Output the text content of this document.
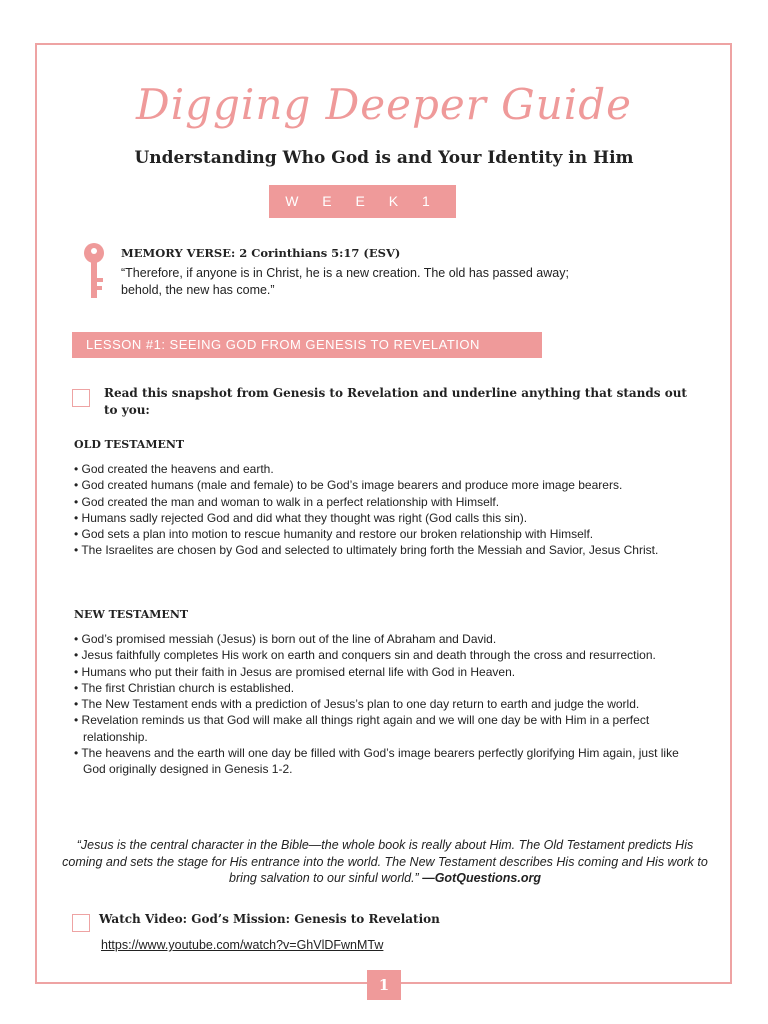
1
Digging Deeper Guide
Understanding Who God is and Your Identity in Him
W E E K 1
MEMORY VERSE: 2 Corinthians 5:17 (ESV)
“Therefore, if anyone is in Christ, he is a new creation. The old has passed away; behold, the new has come.”
LESSON #1: SEEING GOD FROM GENESIS TO REVELATION
Read this snapshot from Genesis to Revelation and underline anything that stands out to you:
OLD TESTAMENT
• God created the heavens and earth.
• God created humans (male and female) to be God’s image bearers and produce more image bearers.
• God created the man and woman to walk in a perfect relationship with Himself.
• Humans sadly rejected God and did what they thought was right (God calls this sin).
• God sets a plan into motion to rescue humanity and restore our broken relationship with Himself.
• The Israelites are chosen by God and selected to ultimately bring forth the Messiah and Savior, Jesus Christ.
NEW TESTAMENT
• God’s promised messiah (Jesus) is born out of the line of Abraham and David.
• Jesus faithfully completes His work on earth and conquers sin and death through the cross and resurrection.
• Humans who put their faith in Jesus are promised eternal life with God in Heaven.
• The first Christian church is established.
• The New Testament ends with a prediction of Jesus’s plan to one day return to earth and judge the world.
• Revelation reminds us that God will make all things right again and we will one day be with Him in a perfect relationship.
• The heavens and the earth will one day be filled with God’s image bearers perfectly glorifying Him again, just like God originally designed in Genesis 1-2.
“Jesus is the central character in the Bible—the whole book is really about Him. The Old Testament predicts His coming and sets the stage for His entrance into the world. The New Testament describes His coming and His work to bring salvation to our sinful world.” —GotQuestions.org
Watch Video: God’s Mission: Genesis to Revelation
https://www.youtube.com/watch?v=GhVlDFwnMTw
